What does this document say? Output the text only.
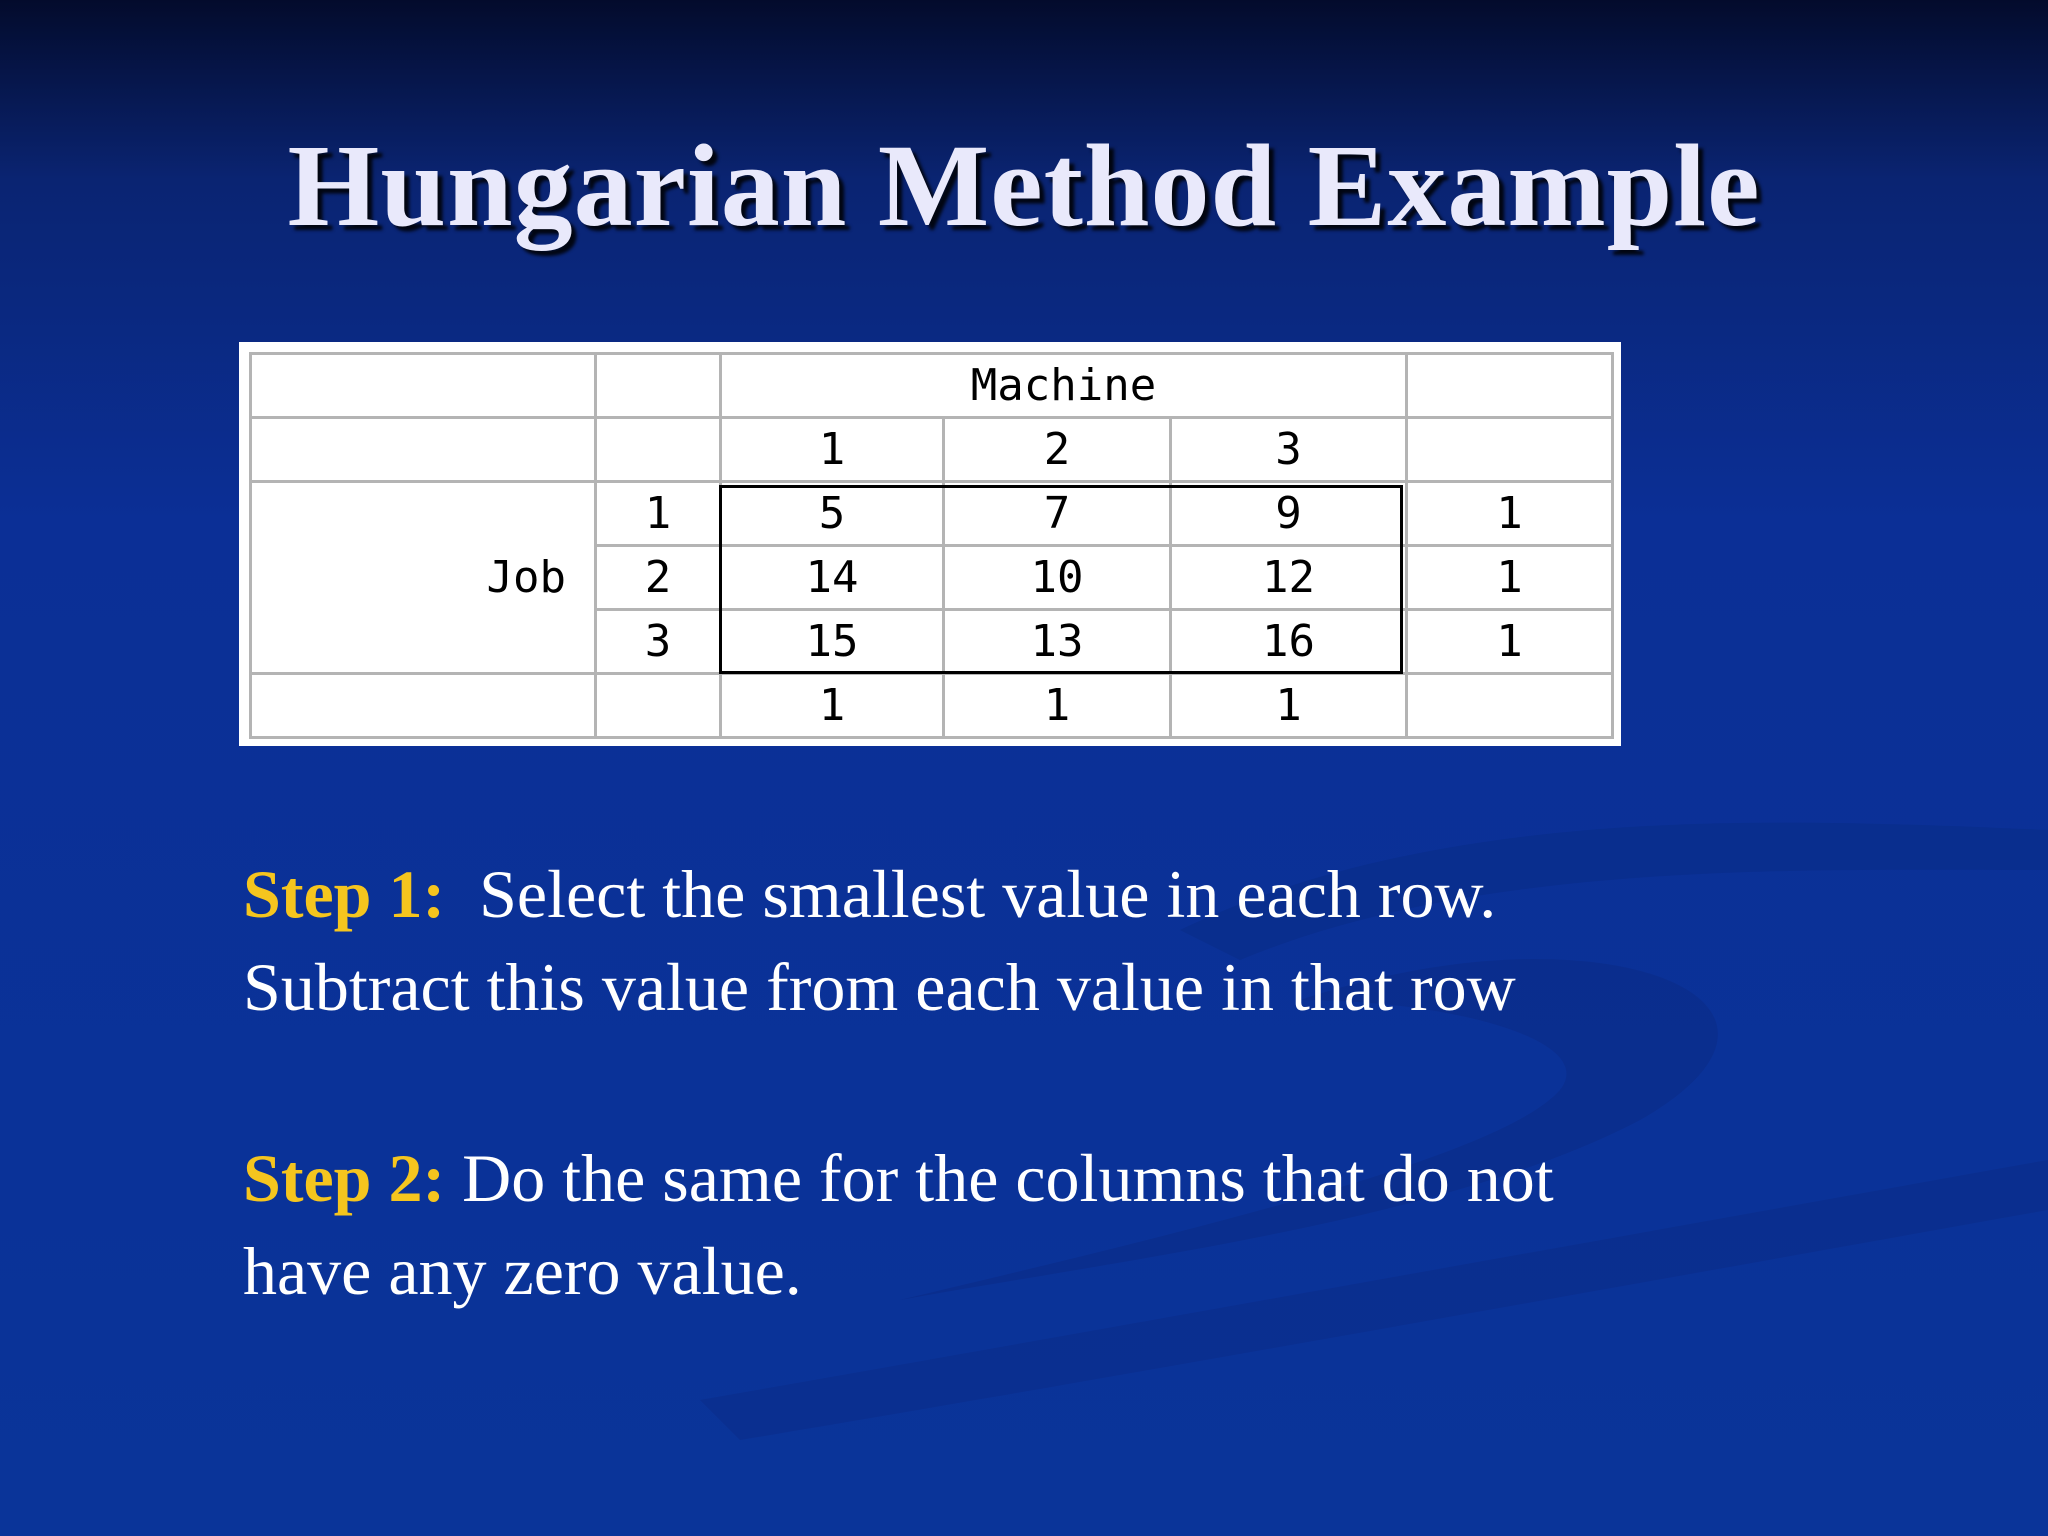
Hungarian Method Example
		Machine			
		1	2	3	
Job	1	5	7	9	1
	2	14	10	12	1
	3	15	13	16	1
		1	1	1	

Step 1: Select the smallest value in each row.
Subtract this value from each value in that row

Step 2: Do the same for the columns that do not
have any zero value.
